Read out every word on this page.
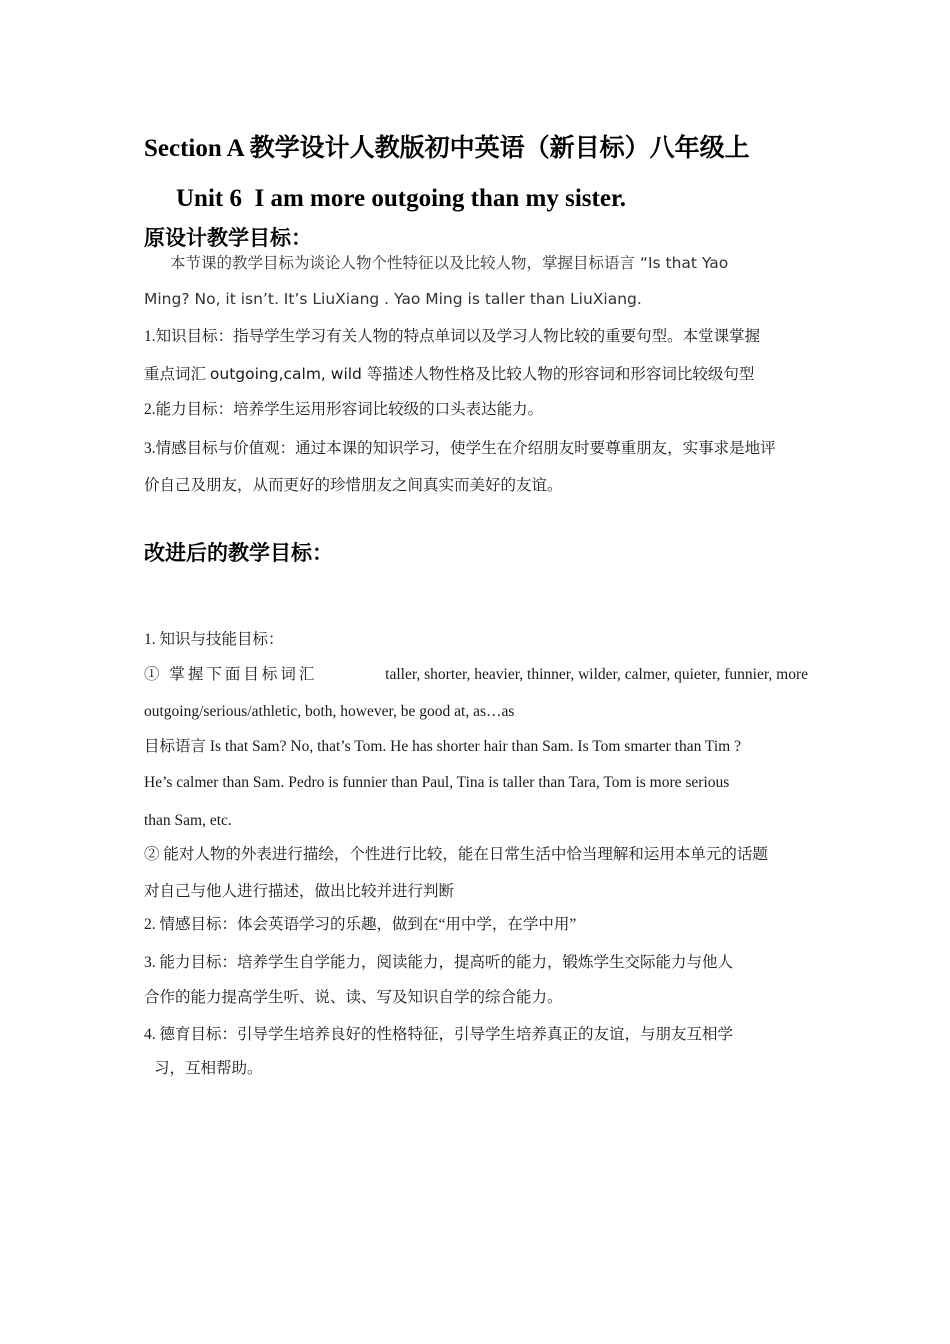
Section A 教学设计人教版初中英语（新目标）八年级上
Unit 6  I am more outgoing than my sister.
原设计教学目标：
本节课的教学目标为谈论人物个性特征以及比较人物，掌握目标语言 “Is that Yao
Ming? No, it isn’t. It’s LiuXiang . Yao Ming is taller than LiuXiang.
1.知识目标：指导学生学习有关人物的特点单词以及学习人物比较的重要句型。本堂课掌握
重点词汇 outgoing,calm, wild 等描述人物性格及比较人物的形容词和形容词比较级句型
2.能力目标：培养学生运用形容词比较级的口头表达能力。
3.情感目标与价值观：通过本课的知识学习，使学生在介绍朋友时要尊重朋友，实事求是地评
价自己及朋友，从而更好的珍惜朋友之间真实而美好的友谊。
改进后的教学目标：
1. 知识与技能目标：
① 掌握下面目标词汇	taller, shorter, heavier, thinner, wilder, calmer, quieter, funnier, more
outgoing/serious/athletic, both, however, be good at, as…as
目标语言 Is that Sam? No, that’s Tom. He has shorter hair than Sam. Is Tom smarter than Tim ?
He’s calmer than Sam. Pedro is funnier than Paul, Tina is taller than Tara, Tom is more serious
than Sam, etc.
② 能对人物的外表进行描绘，个性进行比较，能在日常生活中恰当理解和运用本单元的话题
对自己与他人进行描述，做出比较并进行判断
2. 情感目标：体会英语学习的乐趣，做到在“用中学，在学中用”
3. 能力目标：培养学生自学能力，阅读能力，提高听的能力，锻炼学生交际能力与他人
合作的能力提高学生听、说、读、写及知识自学的综合能力。
4. 德育目标：引导学生培养良好的性格特征，引导学生培养真正的友谊，与朋友互相学
习，互相帮助。
